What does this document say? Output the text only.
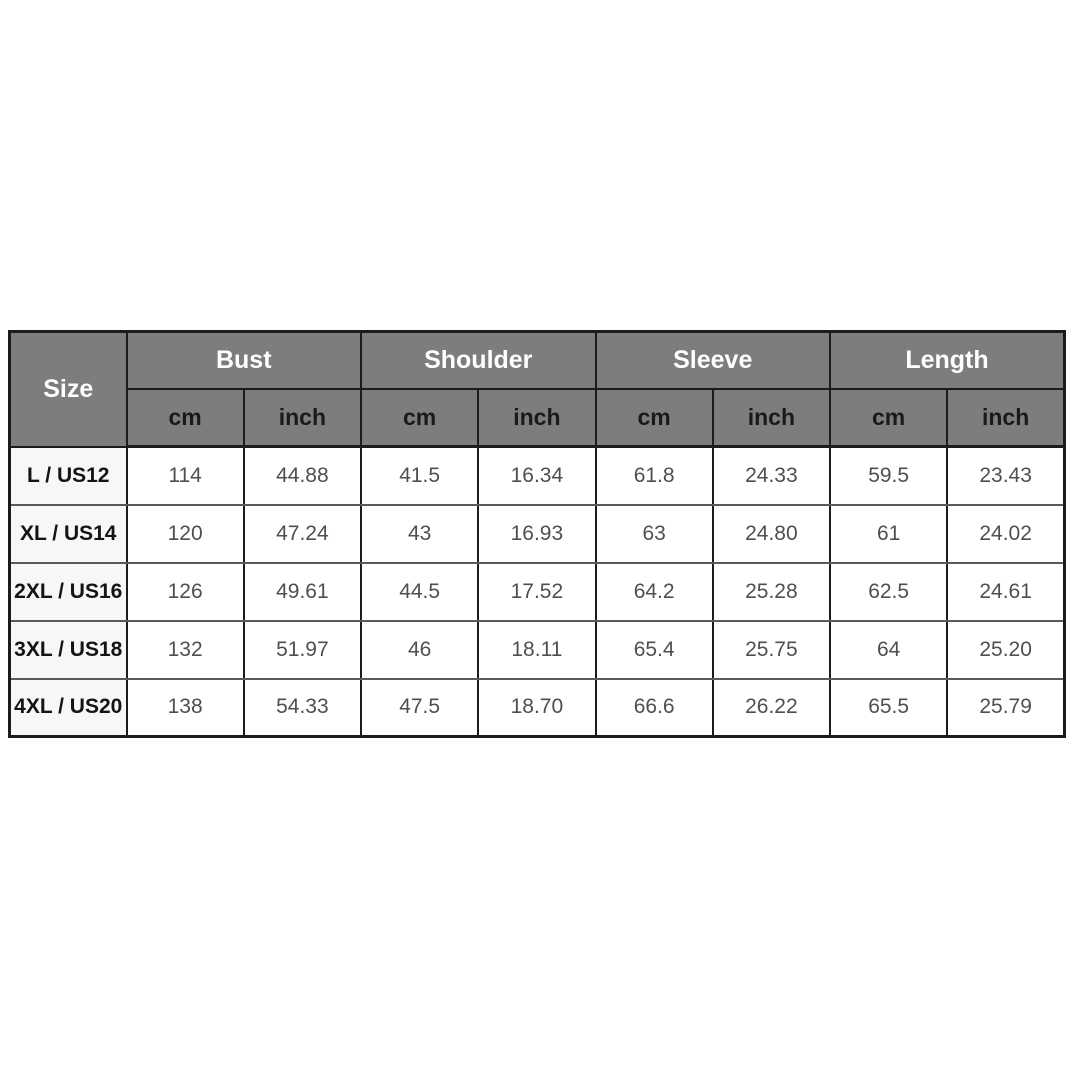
Size	Bust		Shoulder		Sleeve		Length	
	cm	inch	cm	inch	cm	inch	cm	inch
L / US12	114	44.88	41.5	16.34	61.8	24.33	59.5	23.43
XL / US14	120	47.24	43	16.93	63	24.80	61	24.02
2XL / US16	126	49.61	44.5	17.52	64.2	25.28	62.5	24.61
3XL / US18	132	51.97	46	18.11	65.4	25.75	64	25.20
4XL / US20	138	54.33	47.5	18.70	66.6	26.22	65.5	25.79
